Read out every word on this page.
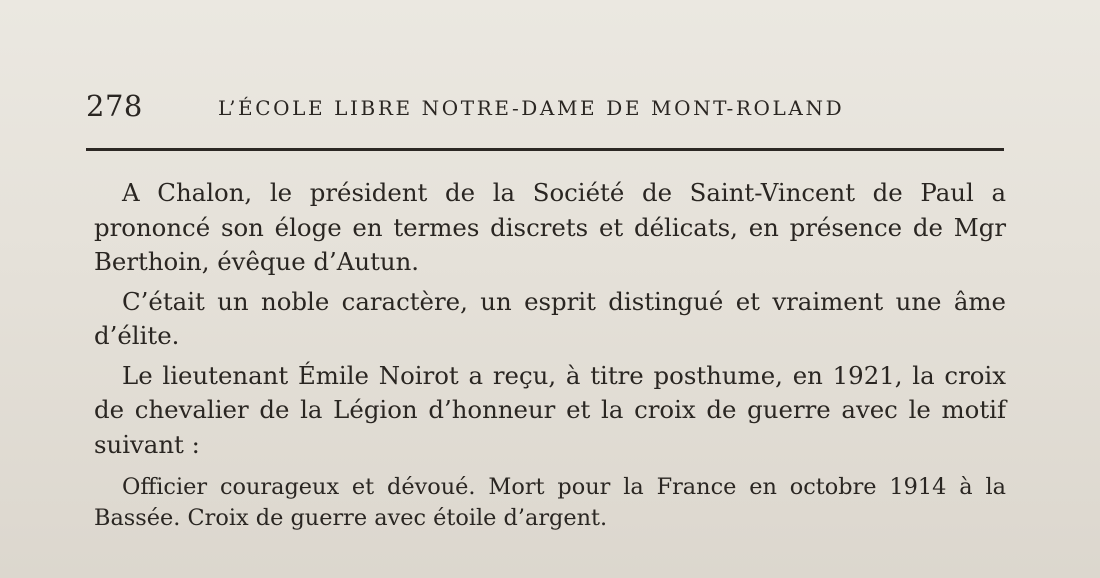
278	L’ÉCOLE LIBRE NOTRE-DAME DE MONT-ROLAND

A Chalon, le président de la Société de Saint-Vincent de Paul a prononcé son éloge en termes discrets et délicats, en présence de Mgr Berthoin, évêque d’Autun.

C’était un noble caractère, un esprit distingué et vraiment une âme d’élite.

Le lieutenant Émile Noirot a reçu, à titre posthume, en 1921, la croix de chevalier de la Légion d’honneur et la croix de guerre avec le motif suivant :

Officier courageux et dévoué. Mort pour la France en octobre 1914 à la Bassée. Croix de guerre avec étoile d’argent.
